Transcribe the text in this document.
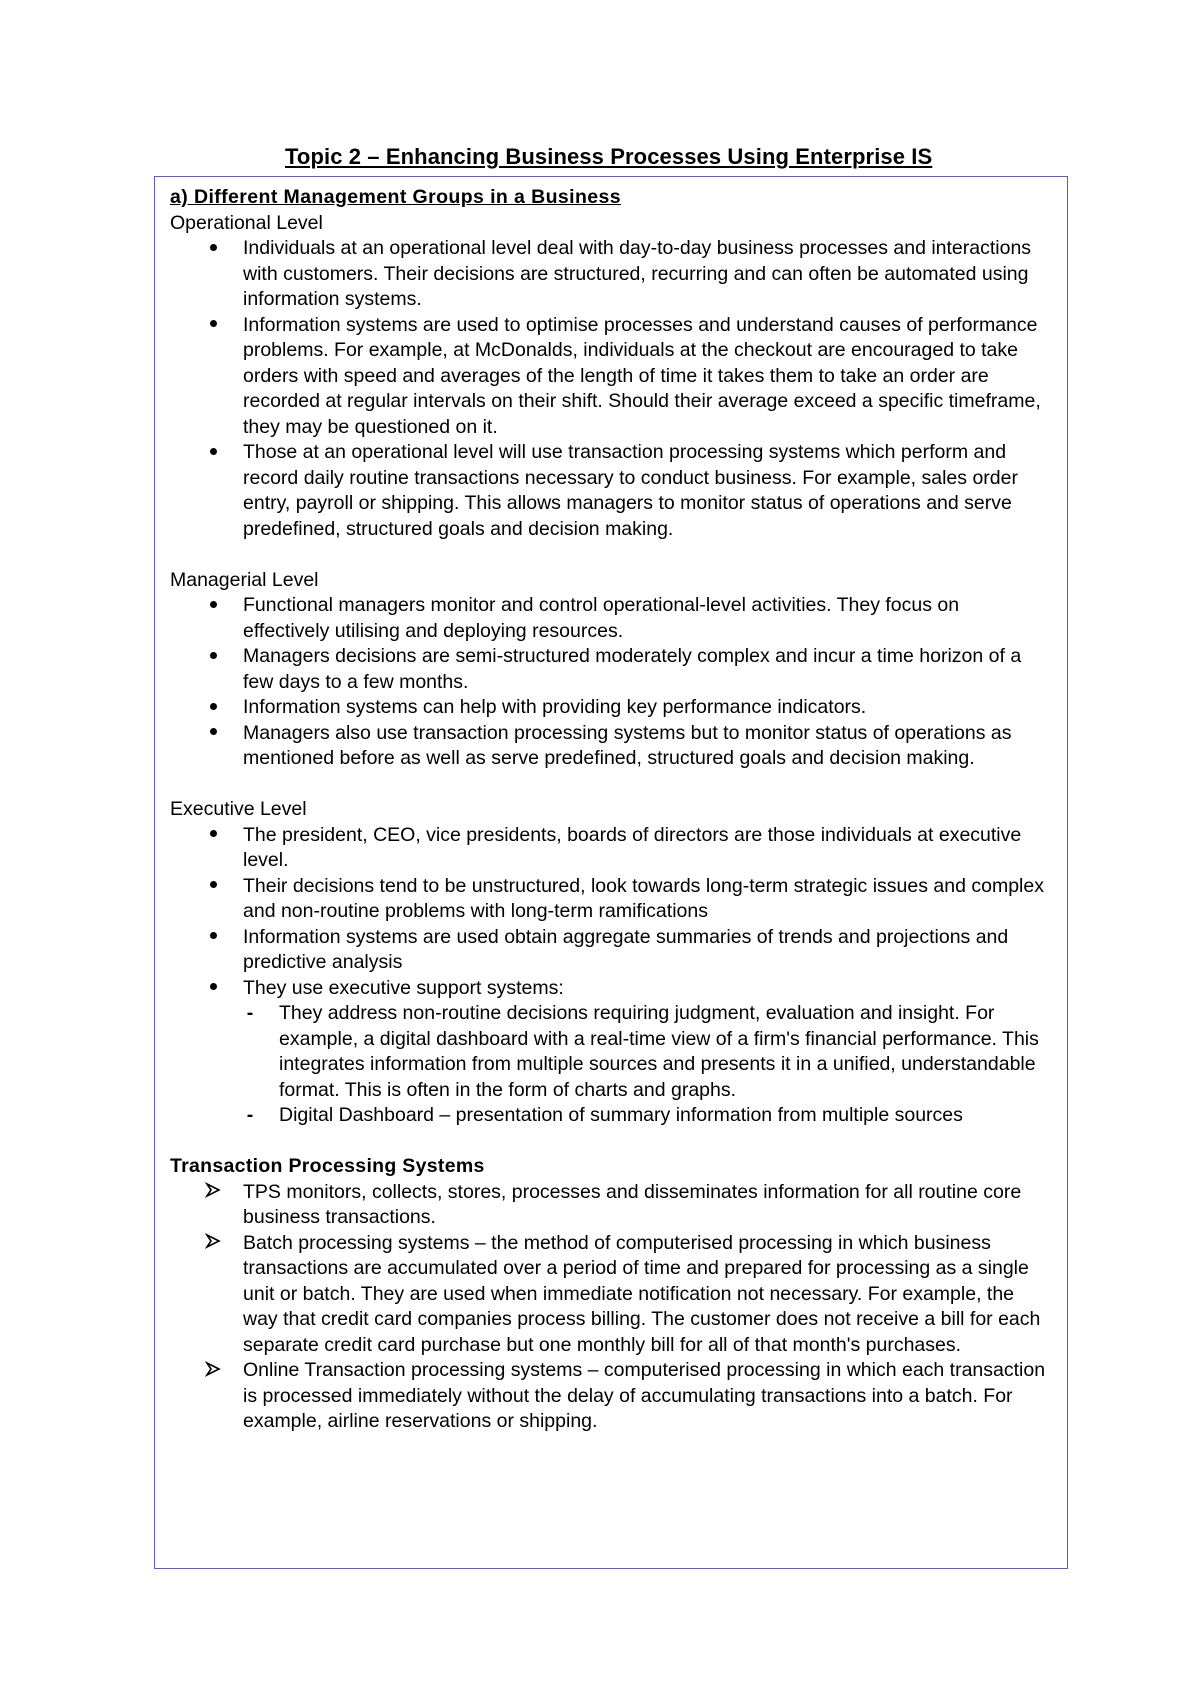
Topic 2 – Enhancing Business Processes Using Enterprise IS
a) Different Management Groups in a Business
Operational Level
Individuals at an operational level deal with day-to-day business processes and interactions with customers. Their decisions are structured, recurring and can often be automated using information systems.
Information systems are used to optimise processes and understand causes of performance problems. For example, at McDonalds, individuals at the checkout are encouraged to take orders with speed and averages of the length of time it takes them to take an order are recorded at regular intervals on their shift. Should their average exceed a specific timeframe, they may be questioned on it.
Those at an operational level will use transaction processing systems which perform and record daily routine transactions necessary to conduct business. For example, sales order entry, payroll or shipping. This allows managers to monitor status of operations and serve predefined, structured goals and decision making.
Managerial Level
Functional managers monitor and control operational-level activities. They focus on effectively utilising and deploying resources.
Managers decisions are semi-structured moderately complex and incur a time horizon of a few days to a few months.
Information systems can help with providing key performance indicators.
Managers also use transaction processing systems but to monitor status of operations as mentioned before as well as serve predefined, structured goals and decision making.
Executive Level
The president, CEO, vice presidents, boards of directors are those individuals at executive level.
Their decisions tend to be unstructured, look towards long-term strategic issues and complex and non-routine problems with long-term ramifications
Information systems are used obtain aggregate summaries of trends and projections and predictive analysis
They use executive support systems:
- They address non-routine decisions requiring judgment, evaluation and insight. For example, a digital dashboard with a real-time view of a firm's financial performance. This integrates information from multiple sources and presents it in a unified, understandable format. This is often in the form of charts and graphs.
- Digital Dashboard – presentation of summary information from multiple sources
Transaction Processing Systems
TPS monitors, collects, stores, processes and disseminates information for all routine core business transactions.
Batch processing systems – the method of computerised processing in which business transactions are accumulated over a period of time and prepared for processing as a single unit or batch. They are used when immediate notification not necessary. For example, the way that credit card companies process billing. The customer does not receive a bill for each separate credit card purchase but one monthly bill for all of that month's purchases.
Online Transaction processing systems – computerised processing in which each transaction is processed immediately without the delay of accumulating transactions into a batch. For example, airline reservations or shipping.
